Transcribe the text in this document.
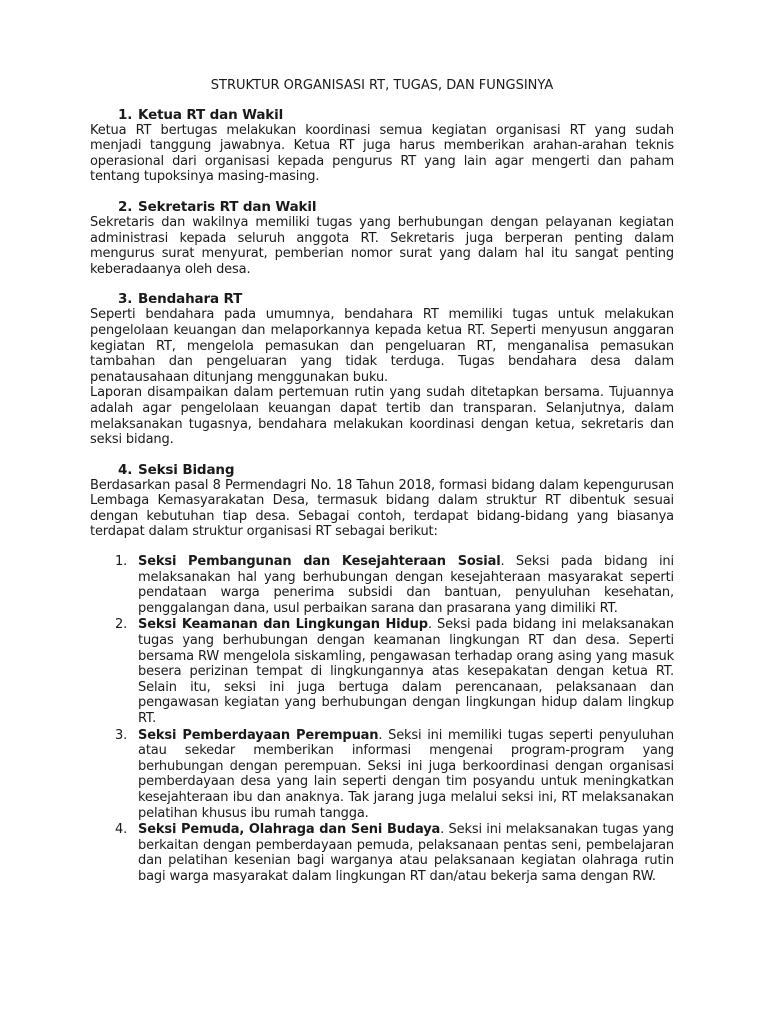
STRUKTUR ORGANISASI RT, TUGAS, DAN FUNGSINYA
1. Ketua RT dan Wakil

Ketua RT bertugas melakukan koordinasi semua kegiatan organisasi RT yang sudah menjadi tanggung jawabnya. Ketua RT juga harus memberikan arahan-arahan teknis operasional dari organisasi kepada pengurus RT yang lain agar mengerti dan paham tentang tupoksinya masing-masing.

2. Sekretaris RT dan Wakil

Sekretaris dan wakilnya memiliki tugas yang berhubungan dengan pelayanan kegiatan administrasi kepada seluruh anggota RT. Sekretaris juga berperan penting dalam mengurus surat menyurat, pemberian nomor surat yang dalam hal itu sangat penting keberadaanya oleh desa.

3. Bendahara RT

Seperti bendahara pada umumnya, bendahara RT memiliki tugas untuk melakukan pengelolaan keuangan dan melaporkannya kepada ketua RT. Seperti menyusun anggaran kegiatan RT, mengelola pemasukan dan pengeluaran RT, menganalisa pemasukan tambahan dan pengeluaran yang tidak terduga. Tugas bendahara desa dalam penatausahaan ditunjang menggunakan buku.

Laporan disampaikan dalam pertemuan rutin yang sudah ditetapkan bersama. Tujuannya adalah agar pengelolaan keuangan dapat tertib dan transparan. Selanjutnya, dalam melaksanakan tugasnya, bendahara melakukan koordinasi dengan ketua, sekretaris dan seksi bidang.

4. Seksi Bidang

Berdasarkan pasal 8 Permendagri No. 18 Tahun 2018, formasi bidang dalam kepengurusan Lembaga Kemasyarakatan Desa, termasuk bidang dalam struktur RT dibentuk sesuai dengan kebutuhan tiap desa. Sebagai contoh, terdapat bidang-bidang yang biasanya terdapat dalam struktur organisasi RT sebagai berikut:

1. Seksi Pembangunan dan Kesejahteraan Sosial. Seksi pada bidang ini melaksanakan hal yang berhubungan dengan kesejahteraan masyarakat seperti pendataan warga penerima subsidi dan bantuan, penyuluhan kesehatan, penggalangan dana, usul perbaikan sarana dan prasarana yang dimiliki RT.
2. Seksi Keamanan dan Lingkungan Hidup. Seksi pada bidang ini melaksanakan tugas yang berhubungan dengan keamanan lingkungan RT dan desa. Seperti bersama RW mengelola siskamling, pengawasan terhadap orang asing yang masuk besera perizinan tempat di lingkungannya atas kesepakatan dengan ketua RT. Selain itu, seksi ini juga bertuga dalam perencanaan, pelaksanaan dan pengawasan kegiatan yang berhubungan dengan lingkungan hidup dalam lingkup RT.
3. Seksi Pemberdayaan Perempuan. Seksi ini memiliki tugas seperti penyuluhan atau sekedar memberikan informasi mengenai program-program yang berhubungan dengan perempuan. Seksi ini juga berkoordinasi dengan organisasi pemberdayaan desa yang lain seperti dengan tim posyandu untuk meningkatkan kesejahteraan ibu dan anaknya. Tak jarang juga melalui seksi ini, RT melaksanakan pelatihan khusus ibu rumah tangga.
4. Seksi Pemuda, Olahraga dan Seni Budaya. Seksi ini melaksanakan tugas yang berkaitan dengan pemberdayaan pemuda, pelaksanaan pentas seni, pembelajaran dan pelatihan kesenian bagi warganya atau pelaksanaan kegiatan olahraga rutin bagi warga masyarakat dalam lingkungan RT dan/atau bekerja sama dengan RW.
